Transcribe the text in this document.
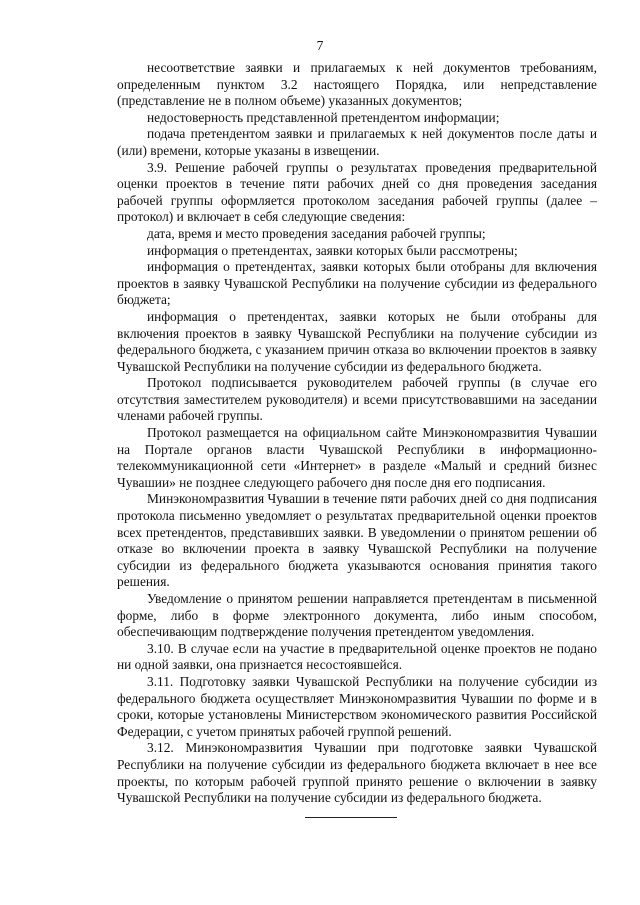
7

несоответствие заявки и прилагаемых к ней документов требованиям, определенным пунктом 3.2 настоящего Порядка, или непредставление (представление не в полном объеме) указанных документов;

недостоверность представленной претендентом информации;

подача претендентом заявки и прилагаемых к ней документов после даты и (или) времени, которые указаны в извещении.

3.9. Решение рабочей группы о результатах проведения предварительной оценки проектов в течение пяти рабочих дней со дня проведения заседания рабочей группы оформляется протоколом заседания рабочей группы (далее – протокол) и включает в себя следующие сведения:

дата, время и место проведения заседания рабочей группы;

информация о претендентах, заявки которых были рассмотрены;

информация о претендентах, заявки которых были отобраны для включения проектов в заявку Чувашской Республики на получение субсидии из федерального бюджета;

информация о претендентах, заявки которых не были отобраны для включения проектов в заявку Чувашской Республики на получение субсидии из федерального бюджета, с указанием причин отказа во включении проектов в заявку Чувашской Республики на получение субсидии из федерального бюджета.

Протокол подписывается руководителем рабочей группы (в случае его отсутствия заместителем руководителя) и всеми присутствовавшими на заседании членами рабочей группы.

Протокол размещается на официальном сайте Минэкономразвития Чувашии на Портале органов власти Чувашской Республики в информационно-телекоммуникационной сети «Интернет» в разделе «Малый и средний бизнес Чувашии» не позднее следующего рабочего дня после дня его подписания.

Минэкономразвития Чувашии в течение пяти рабочих дней со дня подписания протокола письменно уведомляет о результатах предварительной оценки проектов всех претендентов, представивших заявки. В уведомлении о принятом решении об отказе во включении проекта в заявку Чувашской Республики на получение субсидии из федерального бюджета указываются основания принятия такого решения.

Уведомление о принятом решении направляется претендентам в письменной форме, либо в форме электронного документа, либо иным способом, обеспечивающим подтверждение получения претендентом уведомления.

3.10. В случае если на участие в предварительной оценке проектов не подано ни одной заявки, она признается несостоявшейся.

3.11. Подготовку заявки Чувашской Республики на получение субсидии из федерального бюджета осуществляет Минэкономразвития Чувашии по форме и в сроки, которые установлены Министерством экономического развития Российской Федерации, с учетом принятых рабочей группой решений.

3.12. Минэкономразвития Чувашии при подготовке заявки Чувашской Республики на получение субсидии из федерального бюджета включает в нее все проекты, по которым рабочей группой принято решение о включении в заявку Чувашской Республики на получение субсидии из федерального бюджета.
